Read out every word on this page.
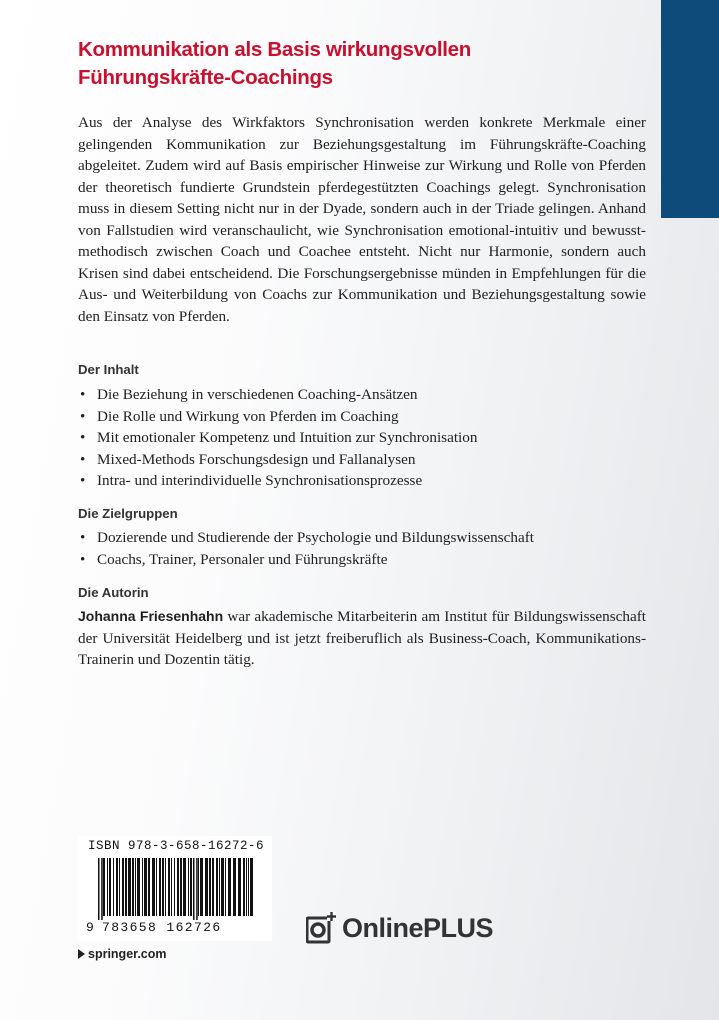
Kommunikation als Basis wirkungsvollen
Führungskräfte-Coachings

Aus der Analyse des Wirkfaktors Synchronisation werden konkrete Merkmale einer gelingenden Kommunikation zur Beziehungsgestaltung im Führungskräfte-Coaching abgeleitet. Zudem wird auf Basis empirischer Hinweise zur Wirkung und Rolle von Pferden der theoretisch fundierte Grundstein pferdegestützten Coachings gelegt. Synchronisation muss in diesem Setting nicht nur in der Dyade, sondern auch in der Triade gelingen. Anhand von Fallstudien wird veranschaulicht, wie Synchronisation emotional-intuitiv und bewusst-methodisch zwischen Coach und Coachee entsteht. Nicht nur Harmonie, sondern auch Krisen sind dabei entscheidend. Die Forschungsergebnisse münden in Empfehlungen für die Aus- und Weiterbildung von Coachs zur Kommunikation und Beziehungsgestaltung sowie den Einsatz von Pferden.

Der Inhalt
• Die Beziehung in verschiedenen Coaching-Ansätzen
• Die Rolle und Wirkung von Pferden im Coaching
• Mit emotionaler Kompetenz und Intuition zur Synchronisation
• Mixed-Methods Forschungsdesign und Fallanalysen
• Intra- und interindividuelle Synchronisationsprozesse
Die Zielgruppen
• Dozierende und Studierende der Psychologie und Bildungswissenschaft
• Coachs, Trainer, Personaler und Führungskräfte
Die Autorin

Johanna Friesenhahn war akademische Mitarbeiterin am Institut für Bildungswissenschaft der Universität Heidelberg und ist jetzt freiberuflich als Business-Coach, Kommunikations-Trainerin und Dozentin tätig.

ISBN 978-3-658-16272-6
9 783658 162726
springer.com
OnlinePLUS
